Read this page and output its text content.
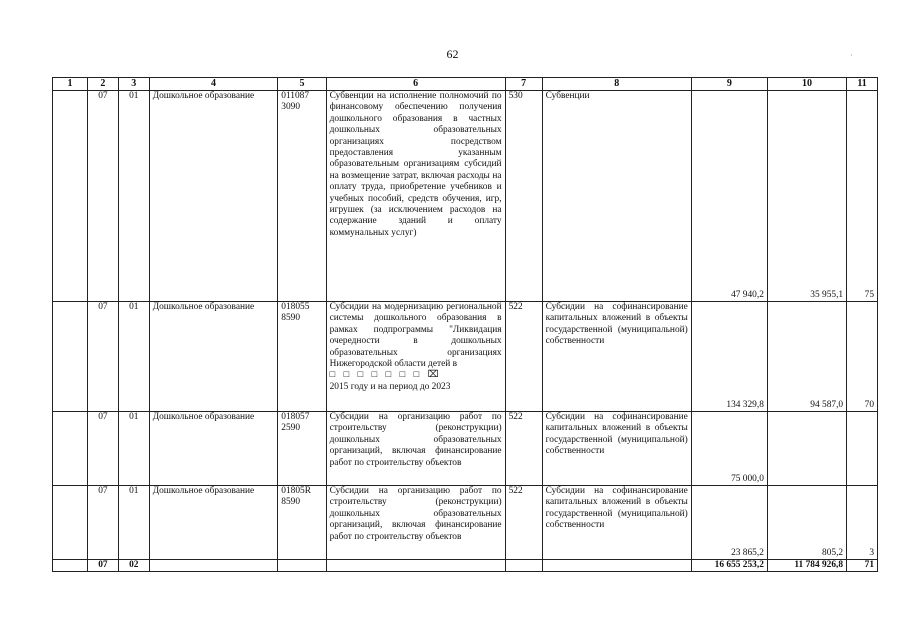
62	·
1	2	3	4	5	6	7	8	9	10	11
	07	01	Дошкольное образование	011087 3090	Субвенции на исполнение полномочий по финансовому обеспечению получения дошкольного образования в частных дошкольных образовательных организациях посредством предоставления указанным образовательным организациям субсидий на возмещение затрат, включая расходы на оплату труда, приобретение учебников и учебных пособий, средств обучения, игр, игрушек (за исключением расходов на содержание зданий и оплату коммунальных услуг)	530	Субвенции	47 940,2	35 955,1	75
	07	01	Дошкольное образование	018055 8590	Субсидии на модернизацию региональной системы дошкольного образования в рамках подпрограммы "Ликвидация очередности в дошкольных образовательных организациях Нижегородской области детей в
□ □ □ □ □ □ □ ⌧
2015 году и на период до 2023	522	Субсидии на софинансирование капитальных вложений в объекты государственной (муниципальной) собственности	134 329,8	94 587,0	70
	07	01	Дошкольное образование	018057 2590	Субсидии на организацию работ по строительству (реконструкции) дошкольных образовательных организаций, включая финансирование работ по строительству объектов	522	Субсидии на софинансирование капитальных вложений в объекты государственной (муниципальной) собственности	75 000,0		
	07	01	Дошкольное образование	01805R 8590	Субсидии на организацию работ по строительству (реконструкции) дошкольных образовательных организаций, включая финансирование работ по строительству объектов	522	Субсидии на софинансирование капитальных вложений в объекты государственной (муниципальной) собственности	23 865,2	805,2	3
	07	02						16 655 253,2	11 784 926,8	71
